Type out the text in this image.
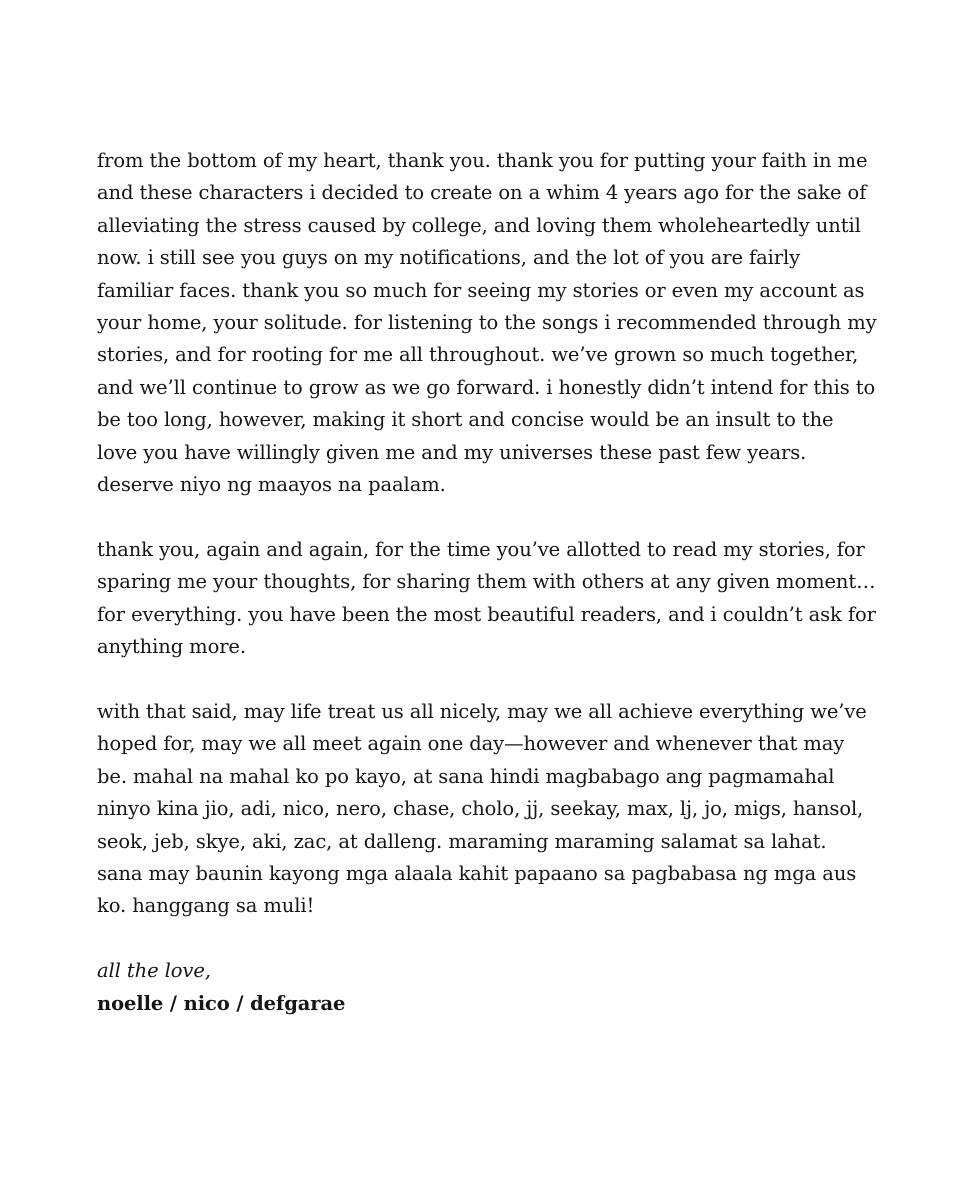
from the bottom of my heart, thank you. thank you for putting your faith in me and these characters i decided to create on a whim 4 years ago for the sake of alleviating the stress caused by college, and loving them wholeheartedly until now. i still see you guys on my notifications, and the lot of you are fairly familiar faces. thank you so much for seeing my stories or even my account as your home, your solitude. for listening to the songs i recommended through my stories, and for rooting for me all throughout. we’ve grown so much together, and we’ll continue to grow as we go forward. i honestly didn’t intend for this to be too long, however, making it short and concise would be an insult to the love you have willingly given me and my universes these past few years. deserve niyo ng maayos na paalam.

thank you, again and again, for the time you’ve allotted to read my stories, for sparing me your thoughts, for sharing them with others at any given moment… for everything. you have been the most beautiful readers, and i couldn’t ask for anything more.

with that said, may life treat us all nicely, may we all achieve everything we’ve hoped for, may we all meet again one day—however and whenever that may be. mahal na mahal ko po kayo, at sana hindi magbabago ang pagmamahal ninyo kina jio, adi, nico, nero, chase, cholo, jj, seekay, max, lj, jo, migs, hansol, seok, jeb, skye, aki, zac, at dalleng. maraming maraming salamat sa lahat. sana may baunin kayong mga alaala kahit papaano sa pagbabasa ng mga aus ko. hanggang sa muli!

all the love,

noelle / nico / defgarae
